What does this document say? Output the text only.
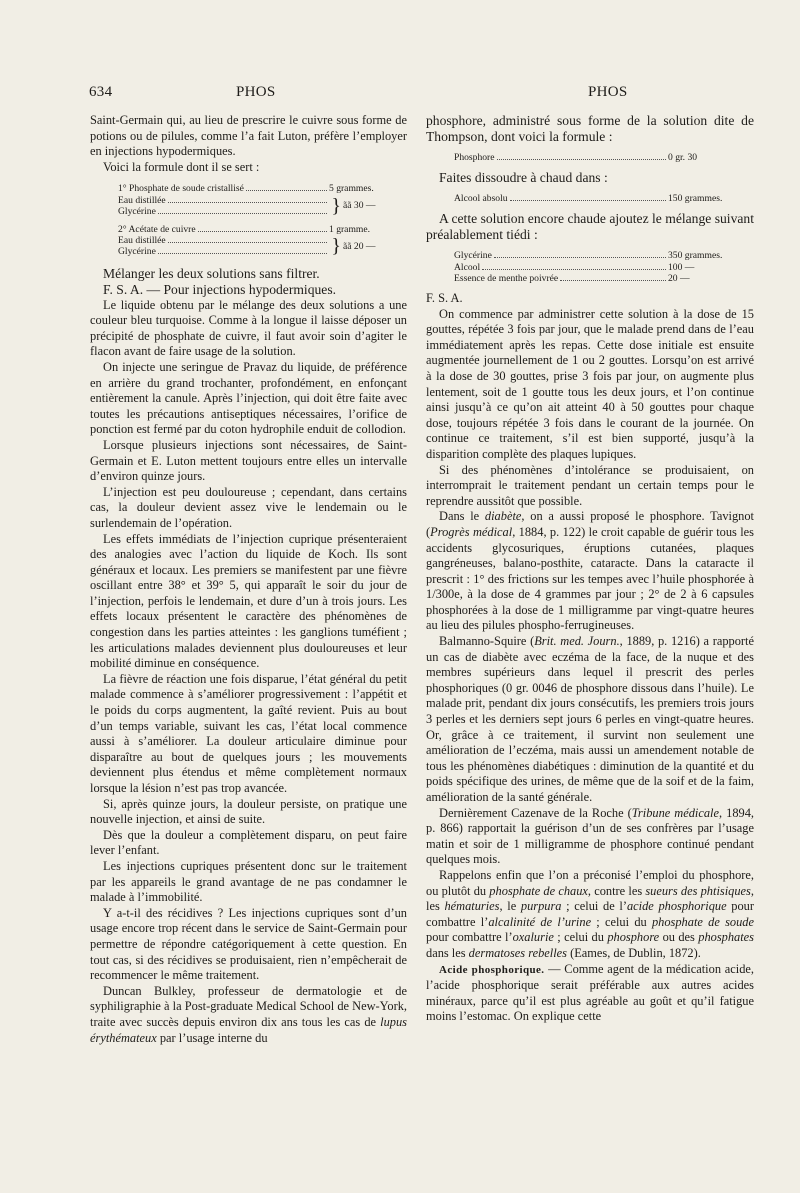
634	PHOS	PHOS

Saint-Germain qui, au lieu de prescrire le cuivre sous forme de potions ou de pilules, comme l’a fait Luton, préfère l’employer en injections hypodermiques.

Voici la formule dont il se sert :

1° Phosphate de soude cristallisé	5 grammes.
Eau distillée
Glycérine	} ãã 30 —
2° Acétate de cuivre	1 gramme.
Eau distillée
Glycérine	} ãã 20 —

Mélanger les deux solutions sans filtrer.

F. S. A. — Pour injections hypodermiques.

Le liquide obtenu par le mélange des deux solutions a une couleur bleu turquoise. Comme à la longue il laisse déposer un précipité de phosphate de cuivre, il faut avoir soin d’agiter le flacon avant de faire usage de la solution.

On injecte une seringue de Pravaz du liquide, de préférence en arrière du grand trochanter, profondément, en enfonçant entièrement la canule. Après l’injection, qui doit être faite avec toutes les précautions antiseptiques nécessaires, l’orifice de ponction est fermé par du coton hydrophile enduit de collodion.

Lorsque plusieurs injections sont nécessaires, de Saint-Germain et E. Luton mettent toujours entre elles un intervalle d’environ quinze jours.

L’injection est peu douloureuse ; cependant, dans certains cas, la douleur devient assez vive le lendemain ou le surlendemain de l’opération.

Les effets immédiats de l’injection cuprique présenteraient des analogies avec l’action du liquide de Koch. Ils sont généraux et locaux. Les premiers se manifestent par une fièvre oscillant entre 38° et 39° 5, qui apparaît le soir du jour de l’injection, perfois le lendemain, et dure d’un à trois jours. Les effets locaux présentent le caractère des phénomènes de congestion dans les parties atteintes : les ganglions tuméfient ; les articulations malades deviennent plus douloureuses et leur mobilité diminue en conséquence.

La fièvre de réaction une fois disparue, l’état général du petit malade commence à s’améliorer progressivement : l’appétit et le poids du corps augmentent, la gaîté revient. Puis au bout d’un temps variable, suivant les cas, l’état local commence aussi à s’améliorer. La douleur articulaire diminue pour disparaître au bout de quelques jours ; les mouvements deviennent plus étendus et même complètement normaux lorsque la lésion n’est pas trop avancée.

Si, après quinze jours, la douleur persiste, on pratique une nouvelle injection, et ainsi de suite.

Dès que la douleur a complètement disparu, on peut faire lever l’enfant.

Les injections cupriques présentent donc sur le traitement par les appareils le grand avantage de ne pas condamner le malade à l’immobilité.

Y a-t-il des récidives ? Les injections cupriques sont d’un usage encore trop récent dans le service de Saint-Germain pour permettre de répondre catégoriquement à cette question. En tout cas, si des récidives se produisaient, rien n’empêcherait de recommencer le même traitement.

Duncan Bulkley, professeur de dermatologie et de syphiligraphie à la Post-graduate Medical School de New-York, traite avec succès depuis environ dix ans tous les cas de lupus érythémateux par l’usage interne du

phosphore, administré sous forme de la solution dite de Thompson, dont voici la formule :

Phosphore	0 gr. 30

Faites dissoudre à chaud dans :

Alcool absolu	150 grammes.

A cette solution encore chaude ajoutez le mélange suivant préalablement tiédi :

Glycérine	350 grammes.
Alcool	100 —
Essence de menthe poivrée	20 —

F. S. A.

On commence par administrer cette solution à la dose de 15 gouttes, répétée 3 fois par jour, que le malade prend dans de l’eau immédiatement après les repas. Cette dose initiale est ensuite augmentée journellement de 1 ou 2 gouttes. Lorsqu’on est arrivé à la dose de 30 gouttes, prise 3 fois par jour, on augmente plus lentement, soit de 1 goutte tous les deux jours, et l’on continue ainsi jusqu’à ce qu’on ait atteint 40 à 50 gouttes pour chaque dose, toujours répétée 3 fois dans le courant de la journée. On continue ce traitement, s’il est bien supporté, jusqu’à la disparition complète des plaques lupiques.

Si des phénomènes d’intolérance se produisaient, on interromprait le traitement pendant un certain temps pour le reprendre aussitôt que possible.

Dans le diabète, on a aussi proposé le phosphore. Tavignot (Progrès médical, 1884, p. 122) le croit capable de guérir tous les accidents glycosuriques, éruptions cutanées, plaques gangréneuses, balano-posthite, cataracte. Dans la cataracte il prescrit : 1° des frictions sur les tempes avec l’huile phosphorée à 1/300e, à la dose de 4 grammes par jour ; 2° de 2 à 6 capsules phosphorées à la dose de 1 milligramme par vingt-quatre heures au lieu des pilules phospho-ferrugineuses.

Balmanno-Squire (Brit. med. Journ., 1889, p. 1216) a rapporté un cas de diabète avec eczéma de la face, de la nuque et des membres supérieurs dans lequel il prescrit des perles phosphoriques (0 gr. 0046 de phosphore dissous dans l’huile). Le malade prit, pendant dix jours consécutifs, les premiers trois jours 3 perles et les derniers sept jours 6 perles en vingt-quatre heures. Or, grâce à ce traitement, il survint non seulement une amélioration de l’eczéma, mais aussi un amendement notable de tous les phénomènes diabétiques : diminution de la quantité et du poids spécifique des urines, de même que de la soif et de la faim, amélioration de la santé générale.

Dernièrement Cazenave de la Roche (Tribune médicale, 1894, p. 866) rapportait la guérison d’un de ses confrères par l’usage matin et soir de 1 milligramme de phosphore continué pendant quelques mois.

Rappelons enfin que l’on a préconisé l’emploi du phosphore, ou plutôt du phosphate de chaux, contre les sueurs des phtisiques, les hématuries, le purpura ; celui de l’acide phosphorique pour combattre l’alcalinité de l’urine ; celui du phosphate de soude pour combattre l’oxalurie ; celui du phosphore ou des phosphates dans les dermatoses rebelles (Eames, de Dublin, 1872).

Acide phosphorique. — Comme agent de la médication acide, l’acide phosphorique serait préférable aux autres acides minéraux, parce qu’il est plus agréable au goût et qu’il fatigue moins l’estomac. On explique cette
